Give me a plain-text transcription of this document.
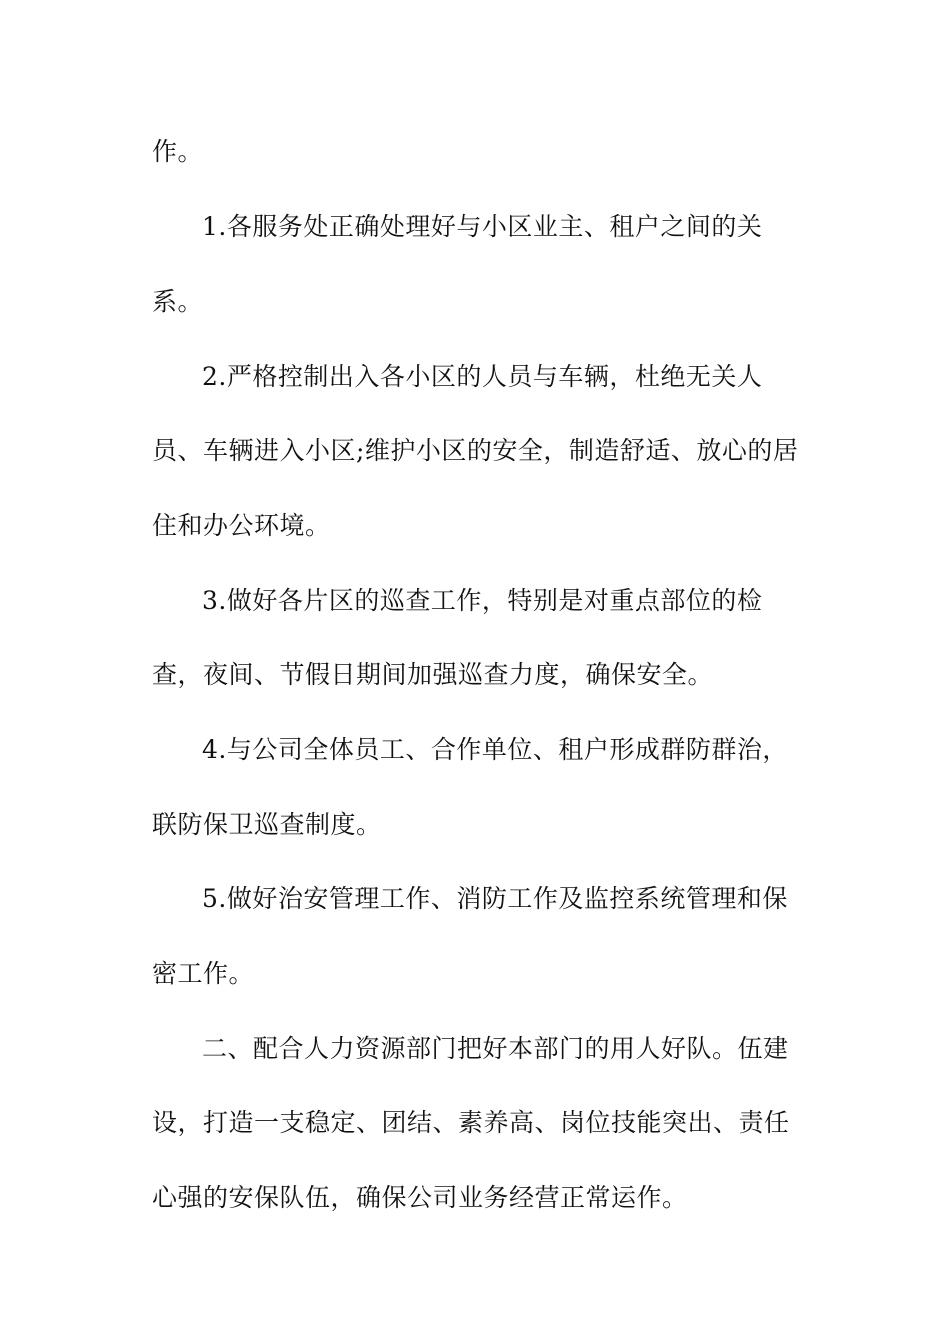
作。
1.各服务处正确处理好与小区业主、租户之间的关
系。
2.严格控制出入各小区的人员与车辆，杜绝无关人
员、车辆进入小区;维护小区的安全，制造舒适、放心的居
住和办公环境。
3.做好各片区的巡查工作，特别是对重点部位的检
查，夜间、节假日期间加强巡查力度，确保安全。
4.与公司全体员工、合作单位、租户形成群防群治，
联防保卫巡查制度。
5.做好治安管理工作、消防工作及监控系统管理和保
密工作。
二、配合人力资源部门把好本部门的用人好队。伍建
设，打造一支稳定、团结、素养高、岗位技能突出、责任
心强的安保队伍，确保公司业务经营正常运作。
